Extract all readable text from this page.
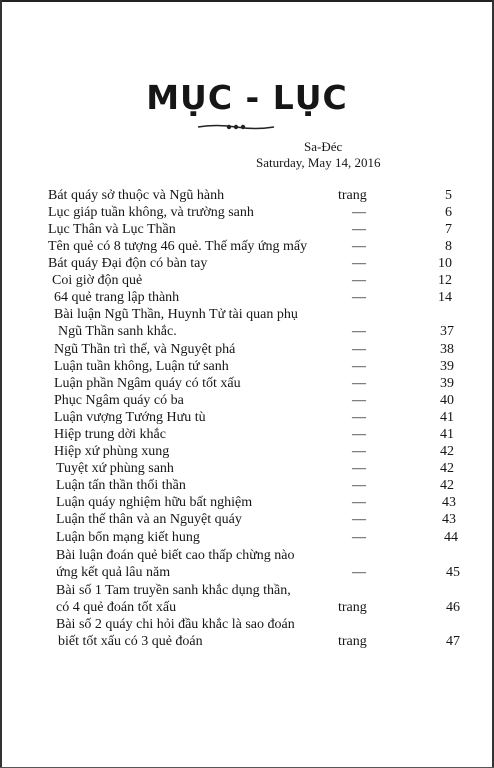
MỤC - LỤC
Sa-Đéc
Saturday, May 14, 2016
Bát quáy sở thuộc và Ngũ hành	trang	5
Lục giáp tuần không, và trường sanh	—	6
Lục Thân và Lục Thần	—	7
Tên quẻ có 8 tượng 46 quẻ. Thế mấy ứng mấy	—	8
Bát quáy Đại độn có bàn tay	—	10
Coi giờ độn quẻ	—	12
64 quẻ trang lập thành	—	14
Bài luận Ngũ Thần, Huynh Tử tài quan phụ
Ngũ Thần sanh khắc.	—	37
Ngũ Thần trì thế, và Nguyệt phá	—	38
Luận tuần không, Luận tứ sanh	—	39
Luận phần Ngâm quáy có tốt xấu	—	39
Phục Ngâm quáy có ba	—	40
Luận vượng Tướng Hưu tù	—	41
Hiệp trung dời khắc	—	41
Hiệp xứ phùng xung	—	42
Tuyệt xứ phùng sanh	—	42
Luận tấn thần thối thần	—	42
Luận quáy nghiệm hữu bất nghiệm	—	43
Luận thế thân và an Nguyệt quáy	—	43
Luận bổn mạng kiết hung	—	44
Bài luận đoán quẻ biết cao thấp chừng nào
ứng kết quả lâu năm	—	45
Bài số 1 Tam truyền sanh khắc dụng thần,
có 4 quẻ đoán tốt xấu	trang	46
Bài số 2 quáy chi hỏi đầu khắc là sao đoán
biết tốt xấu có 3 quẻ đoán	trang	47
